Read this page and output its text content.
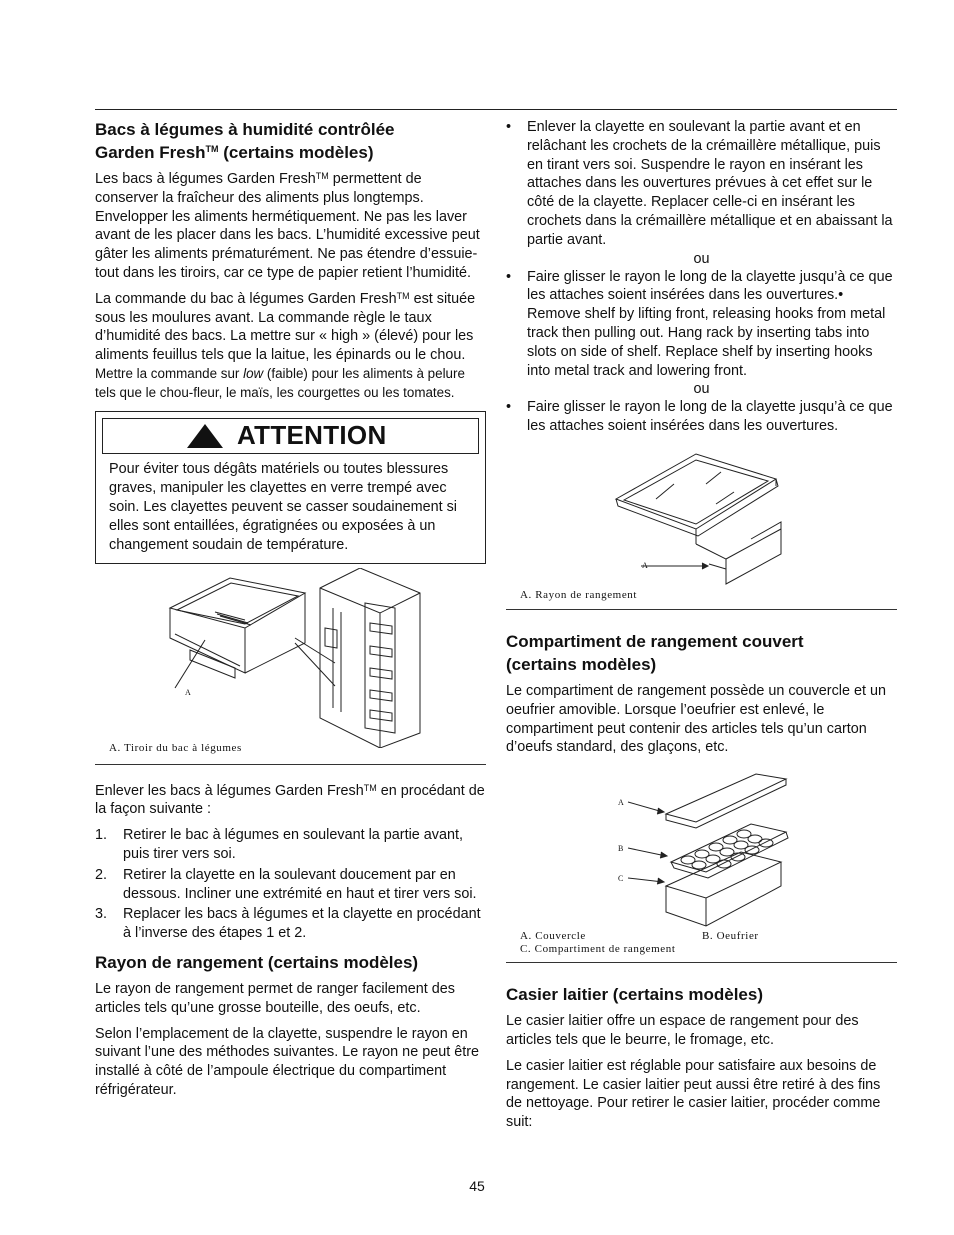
Bacs à légumes à humidité contrôlée
Garden Fresh™ (certains modèles)

Les bacs à légumes Garden Fresh™ permettent de conserver la fraîcheur des aliments plus longtemps. Envelopper les aliments hermétiquement. Ne pas les laver avant de les placer dans les bacs. L’humidité excessive peut gâter les aliments prématurément. Ne pas étendre d’essuie-tout dans les tiroirs, car ce type de papier retient l’humidité.

La commande du bac à légumes Garden Fresh™ est située sous les moulures avant. La commande règle le taux d’humidité des bacs. La mettre sur « high » (élevé) pour les aliments feuillus tels que la laitue, les épinards ou le chou. Mettre la commande sur low (faible) pour les aliments à pelure tels que le chou-fleur, le maïs, les courgettes ou les tomates.

ATTENTION

Pour éviter tous dégâts matériels ou toutes blessures graves, manipuler les clayettes en verre trempé avec soin. Les clayettes peuvent se casser soudainement si elles sont entaillées, égratignées ou exposées à un changement soudain de température.

A
A. Tiroir du bac à légumes

Enlever les bacs à légumes Garden Fresh™ en procédant de la façon suivante :

1. Retirer le bac à légumes en soulevant la partie avant, puis tirer vers soi.
2. Retirer la clayette en la soulevant doucement par en dessous. Incliner une extrémité en haut et tirer vers soi.
3. Replacer les bacs à légumes et la clayette en procédant à l’inverse des étapes 1 et 2.
Rayon de rangement (certains modèles)

Le rayon de rangement permet de ranger facilement des articles tels qu’une grosse bouteille, des oeufs, etc.

Selon l’emplacement de la clayette, suspendre le rayon en suivant l’une des méthodes suivantes. Le rayon ne peut être installé à côté de l’ampoule électrique du compartiment réfrigérateur.

• Enlever la clayette en soulevant la partie avant et en relâchant les crochets de la crémaillère métallique, puis en tirant vers soi. Suspendre le rayon en insérant les attaches dans les ouvertures prévues à cet effet sur le côté de la clayette. Replacer celle-ci en insérant les crochets dans la crémaillère métallique et en abaissant la partie avant.
ou
• Faire glisser le rayon le long de la clayette jusqu’à ce que les attaches soient insérées dans les ouvertures.• Remove shelf by lifting front, releasing hooks from metal track then pulling out. Hang rack by inserting tabs into slots on side of shelf. Replace shelf by inserting hooks into metal track and lowering front.
ou
• Faire glisser le rayon le long de la clayette jusqu’à ce que les attaches soient insérées dans les ouvertures.
A
A. Rayon de rangement
Compartiment de rangement couvert
(certains modèles)

Le compartiment de rangement possède un couvercle et un oeufrier amovible. Lorsque l’oeufrier est enlevé, le compartiment peut contenir des articles tels qu’un carton d’oeufs standard, des glaçons, etc.

A
B
C
A. Couvercle	B. Oeufrier
C. Compartiment de rangement
Casier laitier (certains modèles)

Le casier laitier offre un espace de rangement pour des articles tels que le beurre, le fromage, etc.

Le casier laitier est réglable pour satisfaire aux besoins de rangement. Le casier laitier peut aussi être retiré à des fins de nettoyage. Pour retirer le casier laitier, procéder comme suit:

45
